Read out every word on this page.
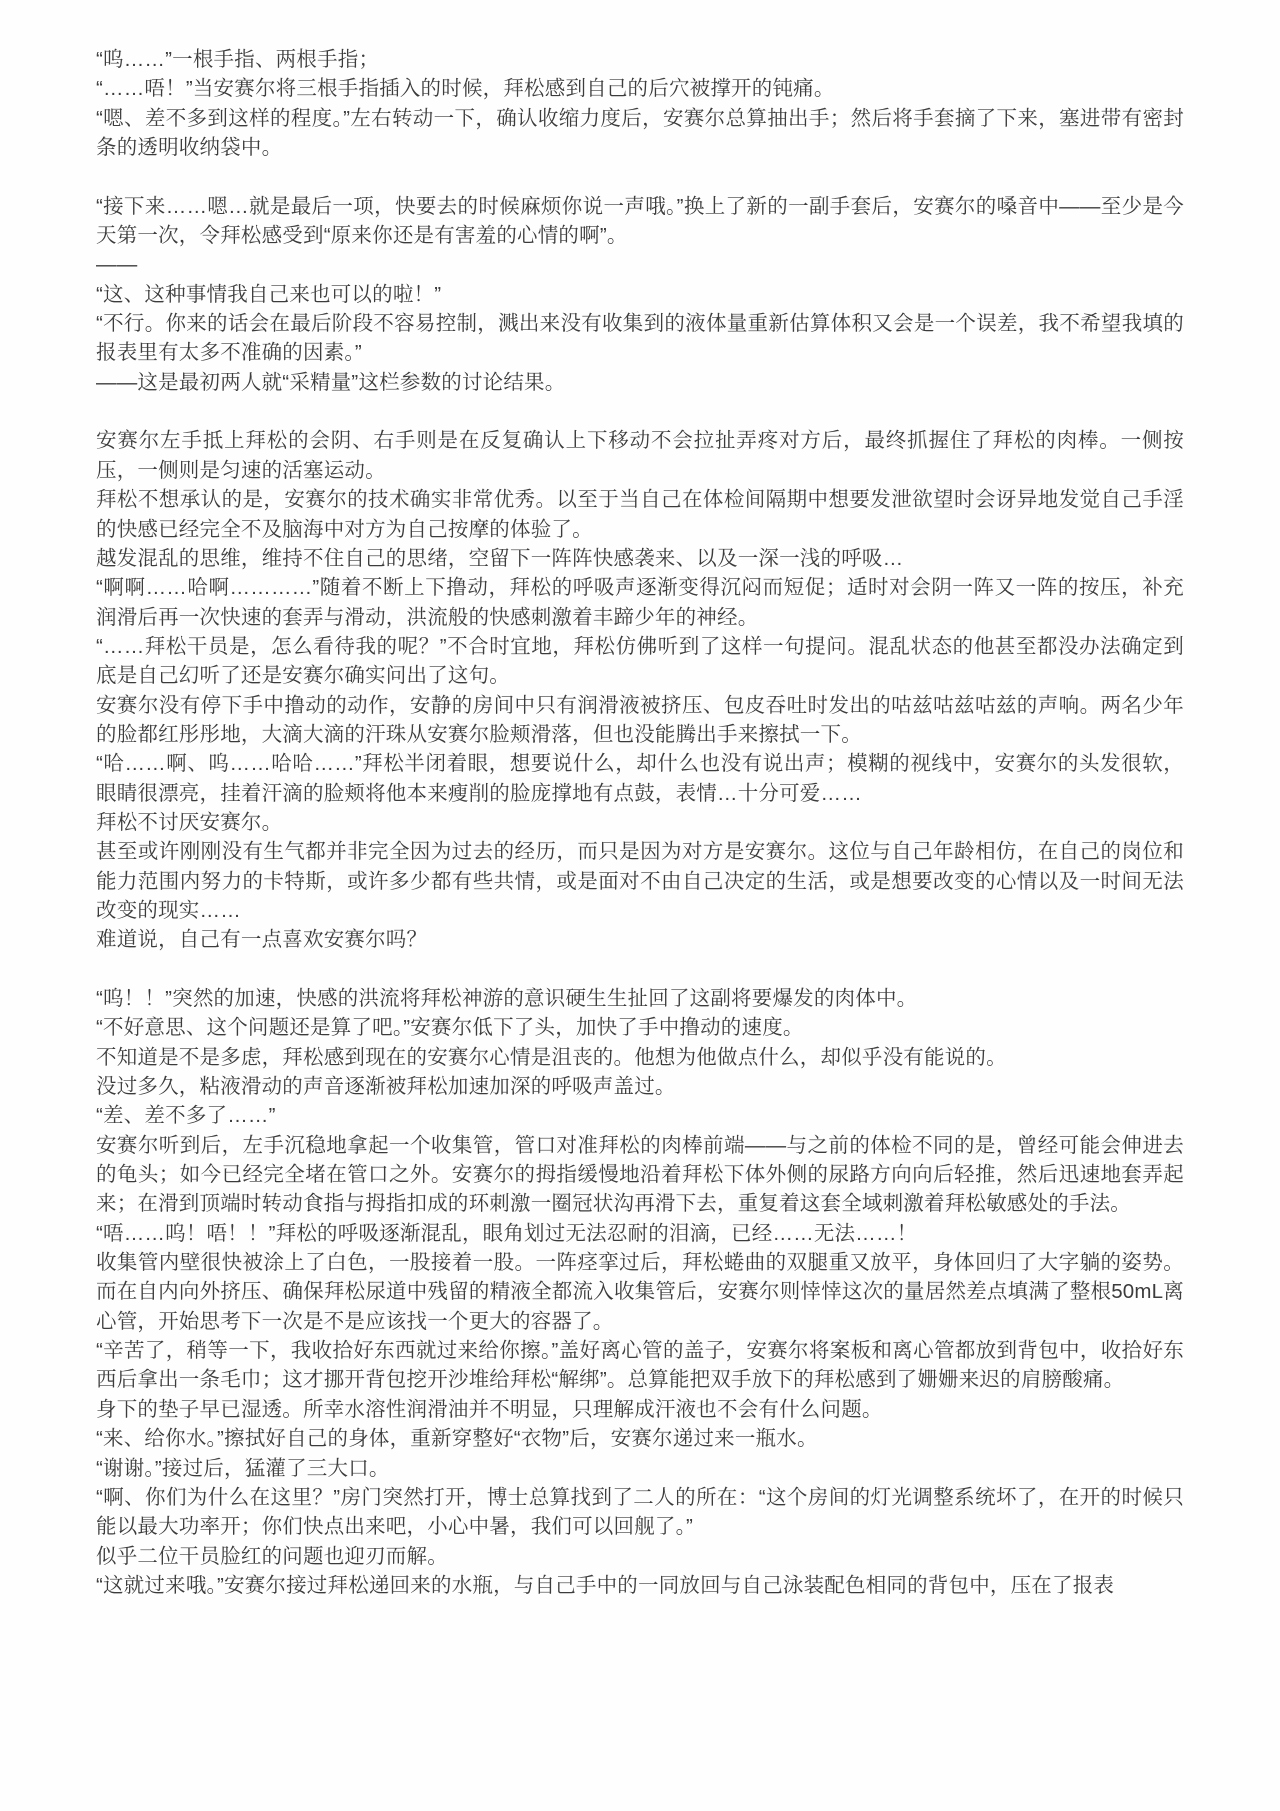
“呜……”一根手指、两根手指；

“……唔！”当安赛尔将三根手指插入的时候，拜松感到自己的后穴被撑开的钝痛。

“嗯、差不多到这样的程度。”左右转动一下，确认收缩力度后，安赛尔总算抽出手；然后将手套摘了下来，塞进带有密封条的透明收纳袋中。

“接下来……嗯…就是最后一项，快要去的时候麻烦你说一声哦。”换上了新的一副手套后，安赛尔的嗓音中——至少是今天第一次，令拜松感受到“原来你还是有害羞的心情的啊”。

——

“这、这种事情我自己来也可以的啦！”

“不行。你来的话会在最后阶段不容易控制，溅出来没有收集到的液体量重新估算体积又会是一个误差，我不希望我填的报表里有太多不准确的因素。”

——这是最初两人就“采精量”这栏参数的讨论结果。

安赛尔左手抵上拜松的会阴、右手则是在反复确认上下移动不会拉扯弄疼对方后，最终抓握住了拜松的肉棒。一侧按压，一侧则是匀速的活塞运动。

拜松不想承认的是，安赛尔的技术确实非常优秀。以至于当自己在体检间隔期中想要发泄欲望时会讶异地发觉自己手淫的快感已经完全不及脑海中对方为自己按摩的体验了。

越发混乱的思维，维持不住自己的思绪，空留下一阵阵快感袭来、以及一深一浅的呼吸…

“啊啊……哈啊…………”随着不断上下撸动，拜松的呼吸声逐渐变得沉闷而短促；适时对会阴一阵又一阵的按压，补充润滑后再一次快速的套弄与滑动，洪流般的快感刺激着丰蹄少年的神经。

“……拜松干员是，怎么看待我的呢？”不合时宜地，拜松仿佛听到了这样一句提问。混乱状态的他甚至都没办法确定到底是自己幻听了还是安赛尔确实问出了这句。

安赛尔没有停下手中撸动的动作，安静的房间中只有润滑液被挤压、包皮吞吐时发出的咕兹咕兹咕兹的声响。两名少年的脸都红彤彤地，大滴大滴的汗珠从安赛尔脸颊滑落，但也没能腾出手来擦拭一下。

“哈……啊、呜……哈哈……”拜松半闭着眼，想要说什么，却什么也没有说出声；模糊的视线中，安赛尔的头发很软，眼睛很漂亮，挂着汗滴的脸颊将他本来瘦削的脸庞撑地有点鼓，表情…十分可爱……

拜松不讨厌安赛尔。

甚至或许刚刚没有生气都并非完全因为过去的经历，而只是因为对方是安赛尔。这位与自己年龄相仿，在自己的岗位和能力范围内努力的卡特斯，或许多少都有些共情，或是面对不由自己决定的生活，或是想要改变的心情以及一时间无法改变的现实……

难道说，自己有一点喜欢安赛尔吗？

“呜！！”突然的加速，快感的洪流将拜松神游的意识硬生生扯回了这副将要爆发的肉体中。

“不好意思、这个问题还是算了吧。”安赛尔低下了头，加快了手中撸动的速度。

不知道是不是多虑，拜松感到现在的安赛尔心情是沮丧的。他想为他做点什么，却似乎没有能说的。

没过多久，粘液滑动的声音逐渐被拜松加速加深的呼吸声盖过。

“差、差不多了……”

安赛尔听到后，左手沉稳地拿起一个收集管，管口对准拜松的肉棒前端——与之前的体检不同的是，曾经可能会伸进去的龟头；如今已经完全堵在管口之外。安赛尔的拇指缓慢地沿着拜松下体外侧的尿路方向向后轻推，然后迅速地套弄起来；在滑到顶端时转动食指与拇指扣成的环刺激一圈冠状沟再滑下去，重复着这套全域刺激着拜松敏感处的手法。

“唔……呜！唔！！”拜松的呼吸逐渐混乱，眼角划过无法忍耐的泪滴，已经……无法……！

收集管内壁很快被涂上了白色，一股接着一股。一阵痉挛过后，拜松蜷曲的双腿重又放平，身体回归了大字躺的姿势。而在自内向外挤压、确保拜松尿道中残留的精液全都流入收集管后，安赛尔则悻悻这次的量居然差点填满了整根50mL离心管，开始思考下一次是不是应该找一个更大的容器了。

“辛苦了，稍等一下，我收拾好东西就过来给你擦。”盖好离心管的盖子，安赛尔将案板和离心管都放到背包中，收拾好东西后拿出一条毛巾；这才挪开背包挖开沙堆给拜松“解绑”。总算能把双手放下的拜松感到了姗姗来迟的肩膀酸痛。

身下的垫子早已湿透。所幸水溶性润滑油并不明显，只理解成汗液也不会有什么问题。

“来、给你水。”擦拭好自己的身体，重新穿整好“衣物”后，安赛尔递过来一瓶水。

“谢谢。”接过后，猛灌了三大口。

“啊、你们为什么在这里？”房门突然打开，博士总算找到了二人的所在：“这个房间的灯光调整系统坏了，在开的时候只能以最大功率开；你们快点出来吧，小心中暑，我们可以回舰了。”

似乎二位干员脸红的问题也迎刃而解。

“这就过来哦。”安赛尔接过拜松递回来的水瓶，与自己手中的一同放回与自己泳装配色相同的背包中，压在了报表
